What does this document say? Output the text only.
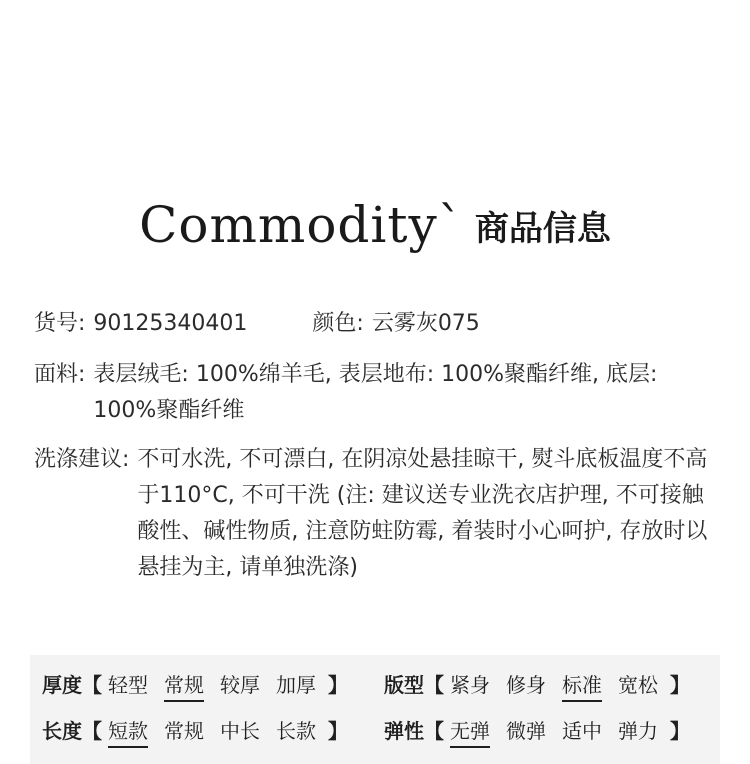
Commodity` 商品信息
货号: 90125340401	颜色: 云雾灰075
面料: 表层绒毛: 100%绵羊毛, 表层地布: 100%聚酯纤维, 底层: 100%聚酯纤维
洗涤建议: 不可水洗, 不可漂白, 在阴凉处悬挂晾干, 熨斗底板温度不高于110°C, 不可干洗 (注: 建议送专业洗衣店护理, 不可接触酸性、碱性物质, 注意防蛀防霉, 着装时小心呵护, 存放时以悬挂为主, 请单独洗涤)
厚度【 轻型 常规 较厚 加厚 】 版型【 紧身 修身 标准 宽松 】
长度【 短款 常规 中长 长款 】 弹性【 无弹 微弹 适中 弹力 】
